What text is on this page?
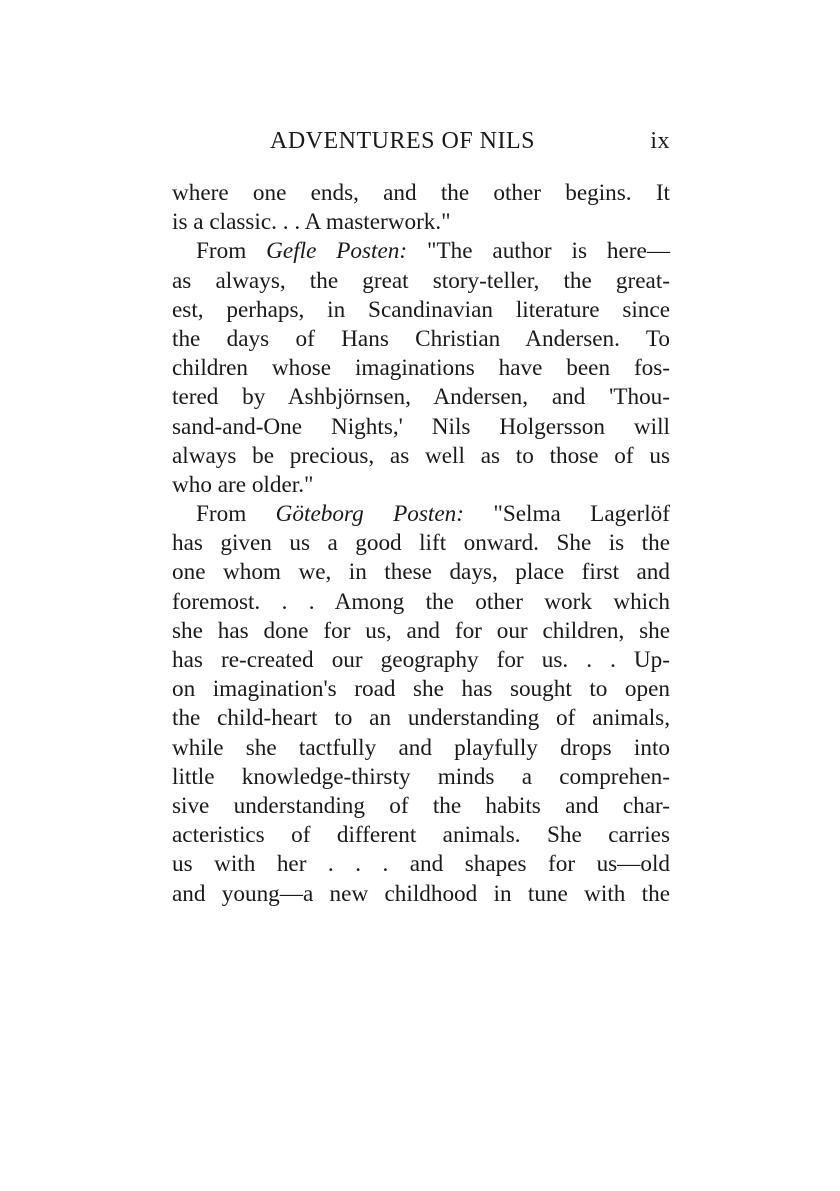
ADVENTURES OF NILS	ix
where one ends, and the other begins. It
is a classic. . . A masterwork."
From Gefle Posten: "The author is here—
as always, the great story-teller, the great-
est, perhaps, in Scandinavian literature since
the days of Hans Christian Andersen. To
children whose imaginations have been fos-
tered by Ashbjörnsen, Andersen, and 'Thou-
sand-and-One Nights,' Nils Holgersson will
always be precious, as well as to those of us
who are older."
From Göteborg Posten: "Selma Lagerlöf
has given us a good lift onward. She is the
one whom we, in these days, place first and
foremost. . . Among the other work which
she has done for us, and for our children, she
has re-created our geography for us. . . Up-
on imagination's road she has sought to open
the child-heart to an understanding of animals,
while she tactfully and playfully drops into
little knowledge-thirsty minds a comprehen-
sive understanding of the habits and char-
acteristics of different animals. She carries
us with her . . . and shapes for us—old
and young—a new childhood in tune with the
